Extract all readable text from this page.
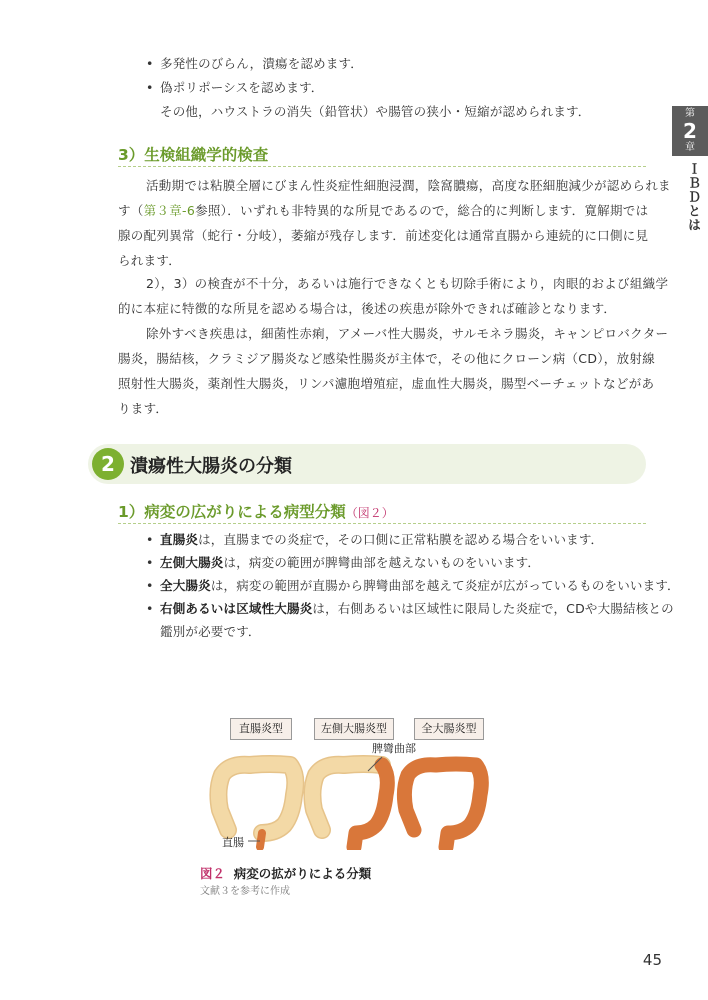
第
2
章
ＩＢＤとは
• 多発性のびらん，潰瘍を認めます．
• 偽ポリポーシスを認めます．
その他，ハウストラの消失（鉛管状）や腸管の狭小・短縮が認められます．
3）生検組織学的検査

活動期では粘膜全層にびまん性炎症性細胞浸潤，陰窩膿瘍，高度な胚細胞減少が認められま

す（第３章-6参照）．いずれも非特異的な所見であるので，総合的に判断します．寛解期では

腺の配列異常（蛇行・分岐），萎縮が残存します．前述変化は通常直腸から連続的に口側に見

られます．

2），3）の検査が不十分，あるいは施行できなくとも切除手術により，肉眼的および組織学

的に本症に特徴的な所見を認める場合は，後述の疾患が除外できれば確診となります．

除外すべき疾患は，細菌性赤痢，アメーバ性大腸炎，サルモネラ腸炎，キャンピロバクター

腸炎，腸結核，クラミジア腸炎など感染性腸炎が主体で，その他にクローン病（CD），放射線

照射性大腸炎，薬剤性大腸炎，リンパ濾胞増殖症，虚血性大腸炎，腸型ベーチェットなどがあ

ります．

2 潰瘍性大腸炎の分類
1）病変の広がりによる病型分類（図２）
• 直腸炎は，直腸までの炎症で，その口側に正常粘膜を認める場合をいいます．
• 左側大腸炎は，病変の範囲が脾彎曲部を越えないものをいいます．
• 全大腸炎は，病変の範囲が直腸から脾彎曲部を越えて炎症が広がっているものをいいます．
• 右側あるいは区域性大腸炎は，右側あるいは区域性に限局した炎症で，CDや大腸結核との
鑑別が必要です．
直腸炎型	左側大腸炎型	全大腸炎型
脾彎曲部
直腸
図２ 病変の拡がりによる分類
文献３を参考に作成
45
